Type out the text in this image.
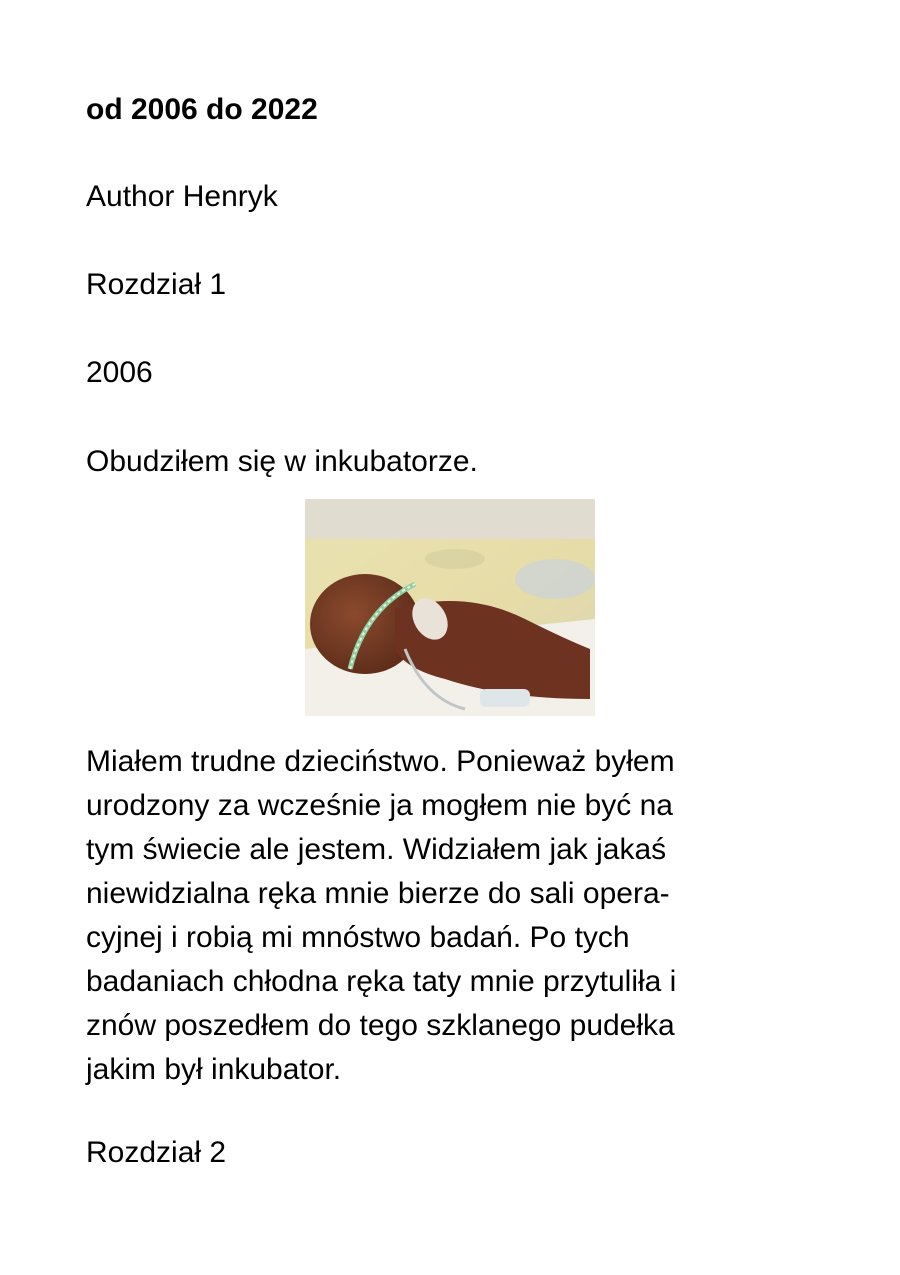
od 2006 do 2022
Author Henryk
Rozdział 1
2006
Obudziłem się w inkubatorze.
Miałem trudne dzieciństwo. Ponieważ byłem
urodzony za wcześnie ja mogłem nie być na
tym świecie ale jestem. Widziałem jak jakaś
niewidzialna ręka mnie bierze do sali opera-
cyjnej i robią mi mnóstwo badań. Po tych
badaniach chłodna ręka taty mnie przytuliła i
znów poszedłem do tego szklanego pudełka
jakim był inkubator.
Rozdział 2
